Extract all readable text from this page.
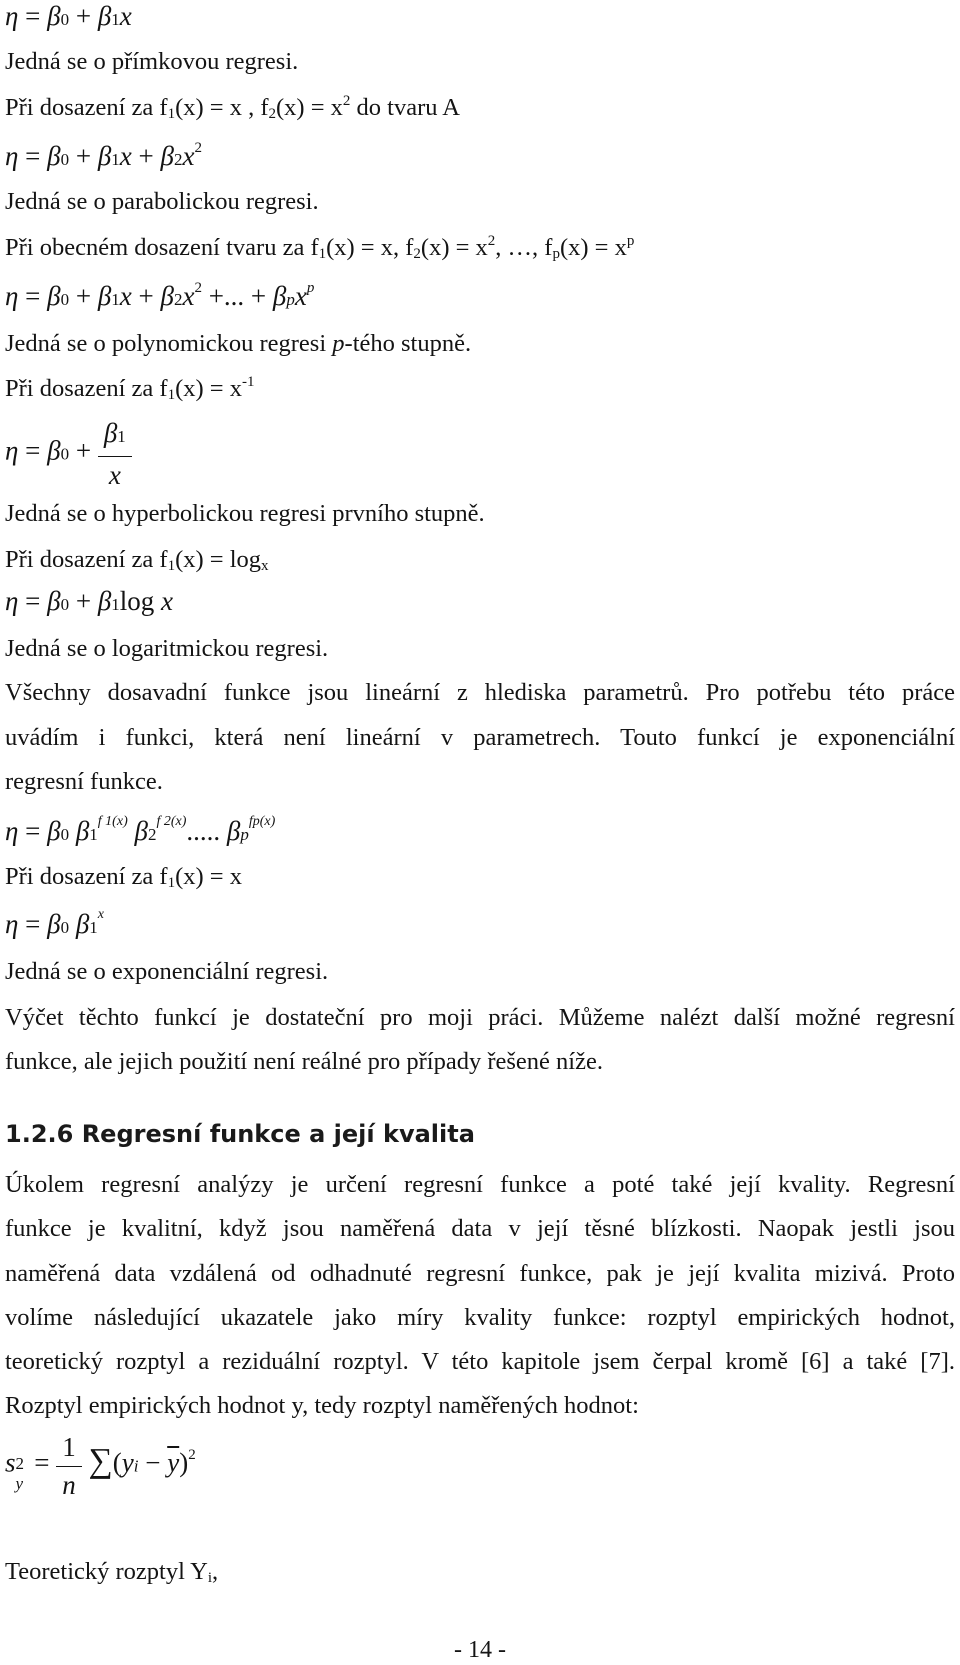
η = β0 + β1x
Jedná se o přímkovou regresi.
Při dosazení za $f_1(x) = x$ , $f_2(x) = x^2$ do tvaru A
$\eta = \beta 0 + \beta 1x + \beta 2x^2$
Jedná se o parabolickou regresi.
Při obecném dosazení tvaru za $f_1(x) = x$, $f_2(x) = x^2$, …, $f_p(x) = x^p$
$\eta = \beta 0 + \beta 1x + \beta 2x^2$ +... + βpx$^p$
Jedná se o polynomickou regresi p-tého stupně.
Při dosazení za $f_1(x) = x^{-1}$
$\eta = \beta 0 + \frac{\beta 1}{x}$
Jedná se o hyperbolickou regresi prvního stupně.
Při dosazení za $f_1(x) = \log_x$
η = β0 + β1log x
Jedná se o logaritmickou regresi.
Všechny dosavadní funkce jsou lineární z hlediska parametrů. Pro potřebu této práce
uvádím i funkci, která není lineární v parametrech. Touto funkcí je exponenciální
regresní funkce.
η = β0 $\beta 1^{f 1(x)}$ $\beta 2^{f 2(x)}$..... $\beta p^{fp(x)}$
Při dosazení za $f_1(x) = x$
η = β0 β1$^x$
Jedná se o exponenciální regresi.
Výčet těchto funkcí je dostateční pro moji práci. Můžeme nalézt další možné regresní
funkce, ale jejich použití není reálné pro případy řešené níže.
1.2.6 Regresní funkce a její kvalita
Úkolem regresní analýzy je určení regresní funkce a poté také její kvality. Regresní
funkce je kvalitní, když jsou naměřená data v její těsné blízkosti. Naopak jestli jsou
naměřená data vzdálená od odhadnuté regresní funkce, pak je její kvalita mizivá. Proto
volíme následující ukazatele jako míry kvality funkce: rozptyl empirických hodnot,
teoretický rozptyl a reziduální rozptyl. V této kapitole jsem čerpal kromě [6] a také [7].
Rozptyl empirických hodnot y, tedy rozptyl naměřených hodnot:
s 2
y
= $\frac{1}{n} \sum(yi - \overline{y})^2$
Teoretický rozptyl $Y_i$,
- 14 -
